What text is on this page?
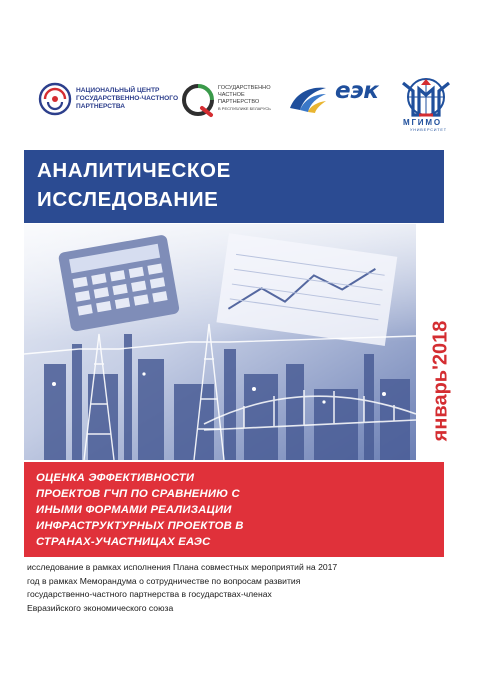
НАЦИОНАЛЬНЫЙ ЦЕНТР
ГОСУДАРСТВЕННО-ЧАСТНОГО
ПАРТНЕРСТВА
ГОСУДАРСТВЕННО
ЧАСТНОЕ
ПАРТНЕРСТВО
В РЕСПУБЛИКЕ БЕЛАРУСЬ
еэк
МГИМО
УНИВЕРСИТЕТ
АНАЛИТИЧЕСКОЕ
ИССЛЕДОВАНИЕ
январь'2018
ОЦЕНКА ЭФФЕКТИВНОСТИ
ПРОЕКТОВ ГЧП ПО СРАВНЕНИЮ С
ИНЫМИ ФОРМАМИ РЕАЛИЗАЦИИ
ИНФРАСТРУКТУРНЫХ ПРОЕКТОВ В
СТРАНАХ-УЧАСТНИЦАХ ЕАЭС
исследование в рамках исполнения Плана совместных мероприятий на 2017
год в рамках Меморандума о сотрудничестве по вопросам развития
государственно-частного партнерства в государствах-членах
Евразийского экономического союза
